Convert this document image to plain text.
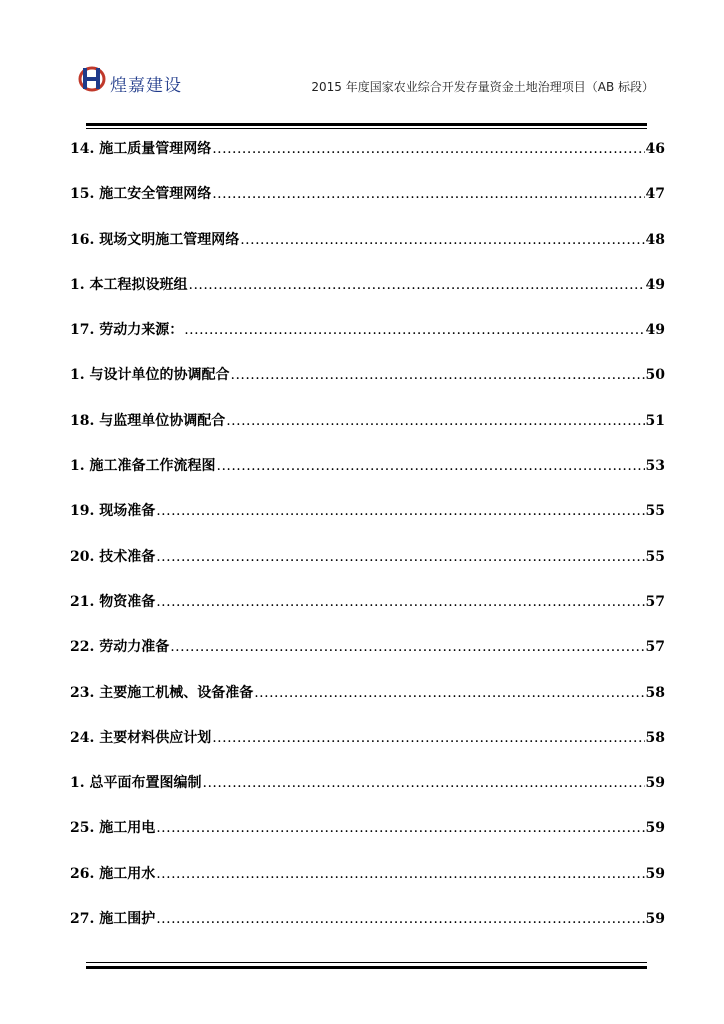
煌嘉建设	2015 年度国家农业综合开发存量资金土地治理项目（AB 标段）
14. 施工质量管理网络 .....	46
15. 施工安全管理网络 .....	47
16. 现场文明施工管理网络 .....	48
1. 本工程拟设班组 .....	49
17. 劳动力来源： .....	49
1. 与设计单位的协调配合 .....	50
18. 与监理单位协调配合 .....	51
1. 施工准备工作流程图 .....	53
19. 现场准备 .....	55
20. 技术准备 .....	55
21. 物资准备 .....	57
22. 劳动力准备 .....	57
23. 主要施工机械、设备准备 .....	58
24. 主要材料供应计划 .....	58
1. 总平面布置图编制 .....	59
25. 施工用电 .....	59
26. 施工用水 .....	59
27. 施工围护 .....	59
